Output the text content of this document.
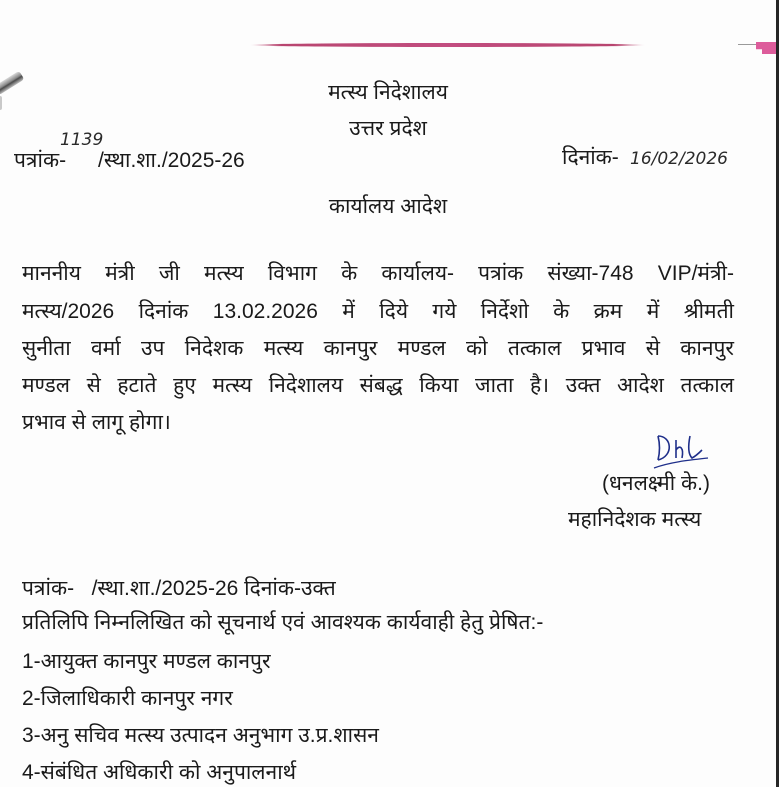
मत्स्य निदेशालय
उत्तर प्रदेश
पत्रांक-
1139
/स्था.शा./2025-26	दिनांक- 16/02/2026
कार्यालय आदेश
माननीय मंत्री जी मत्स्य विभाग के कार्यालय- पत्रांक संख्या-748 VIP/मंत्री-
मत्स्य/2026 दिनांक 13.02.2026 में दिये गये निर्देशो के क्रम में श्रीमती
सुनीता वर्मा उप निदेशक मत्स्य कानपुर मण्डल को तत्काल प्रभाव से कानपुर
मण्डल से हटाते हुए मत्स्य निदेशालय संबद्ध किया जाता है। उक्त आदेश तत्काल
प्रभाव से लागू होगा।
(धनलक्ष्मी के.)
महानिदेशक मत्स्य
पत्रांक-   /स्था.शा./2025-26 दिनांक-उक्त
प्रतिलिपि निम्नलिखित को सूचनार्थ एवं आवश्यक कार्यवाही हेतु प्रेषित:-
1-आयुक्त कानपुर मण्डल कानपुर
2-जिलाधिकारी कानपुर नगर
3-अनु सचिव मत्स्य उत्पादन अनुभाग उ.प्र.शासन
4-संबंधित अधिकारी को अनुपालनार्थ
